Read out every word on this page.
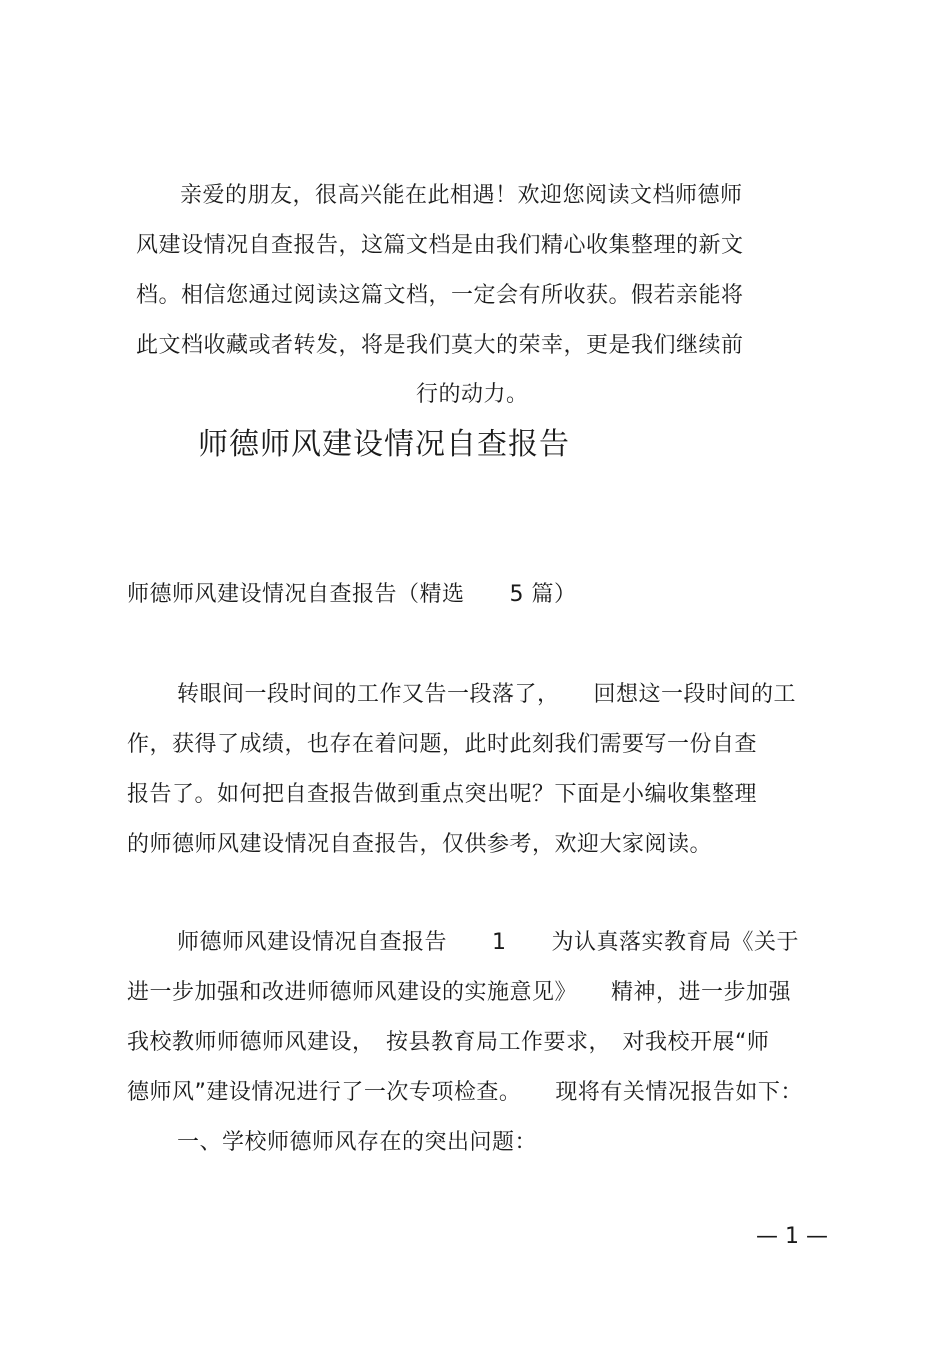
亲爱的朋友，很高兴能在此相遇！欢迎您阅读文档师德师
风建设情况自查报告，这篇文档是由我们精心收集整理的新文
档。相信您通过阅读这篇文档，一定会有所收获。假若亲能将
此文档收藏或者转发，将是我们莫大的荣幸，更是我们继续前
行的动力。
师德师风建设情况自查报告
师德师风建设情况自查报告（精选　　5 篇）
转眼间一段时间的工作又告一段落了，　　回想这一段时间的工
作，获得了成绩，也存在着问题，此时此刻我们需要写一份自查
报告了。如何把自查报告做到重点突出呢？下面是小编收集整理
的师德师风建设情况自查报告，仅供参考，欢迎大家阅读。
师德师风建设情况自查报告　　1　　为认真落实教育局《关于
进一步加强和改进师德师风建设的实施意见》　　精神，进一步加强
我校教师师德师风建设，　按县教育局工作要求，　对我校开展“师
德师风”建设情况进行了一次专项检查。　　现将有关情况报告如下：
一、学校师德师风存在的突出问题：
— 1 —
